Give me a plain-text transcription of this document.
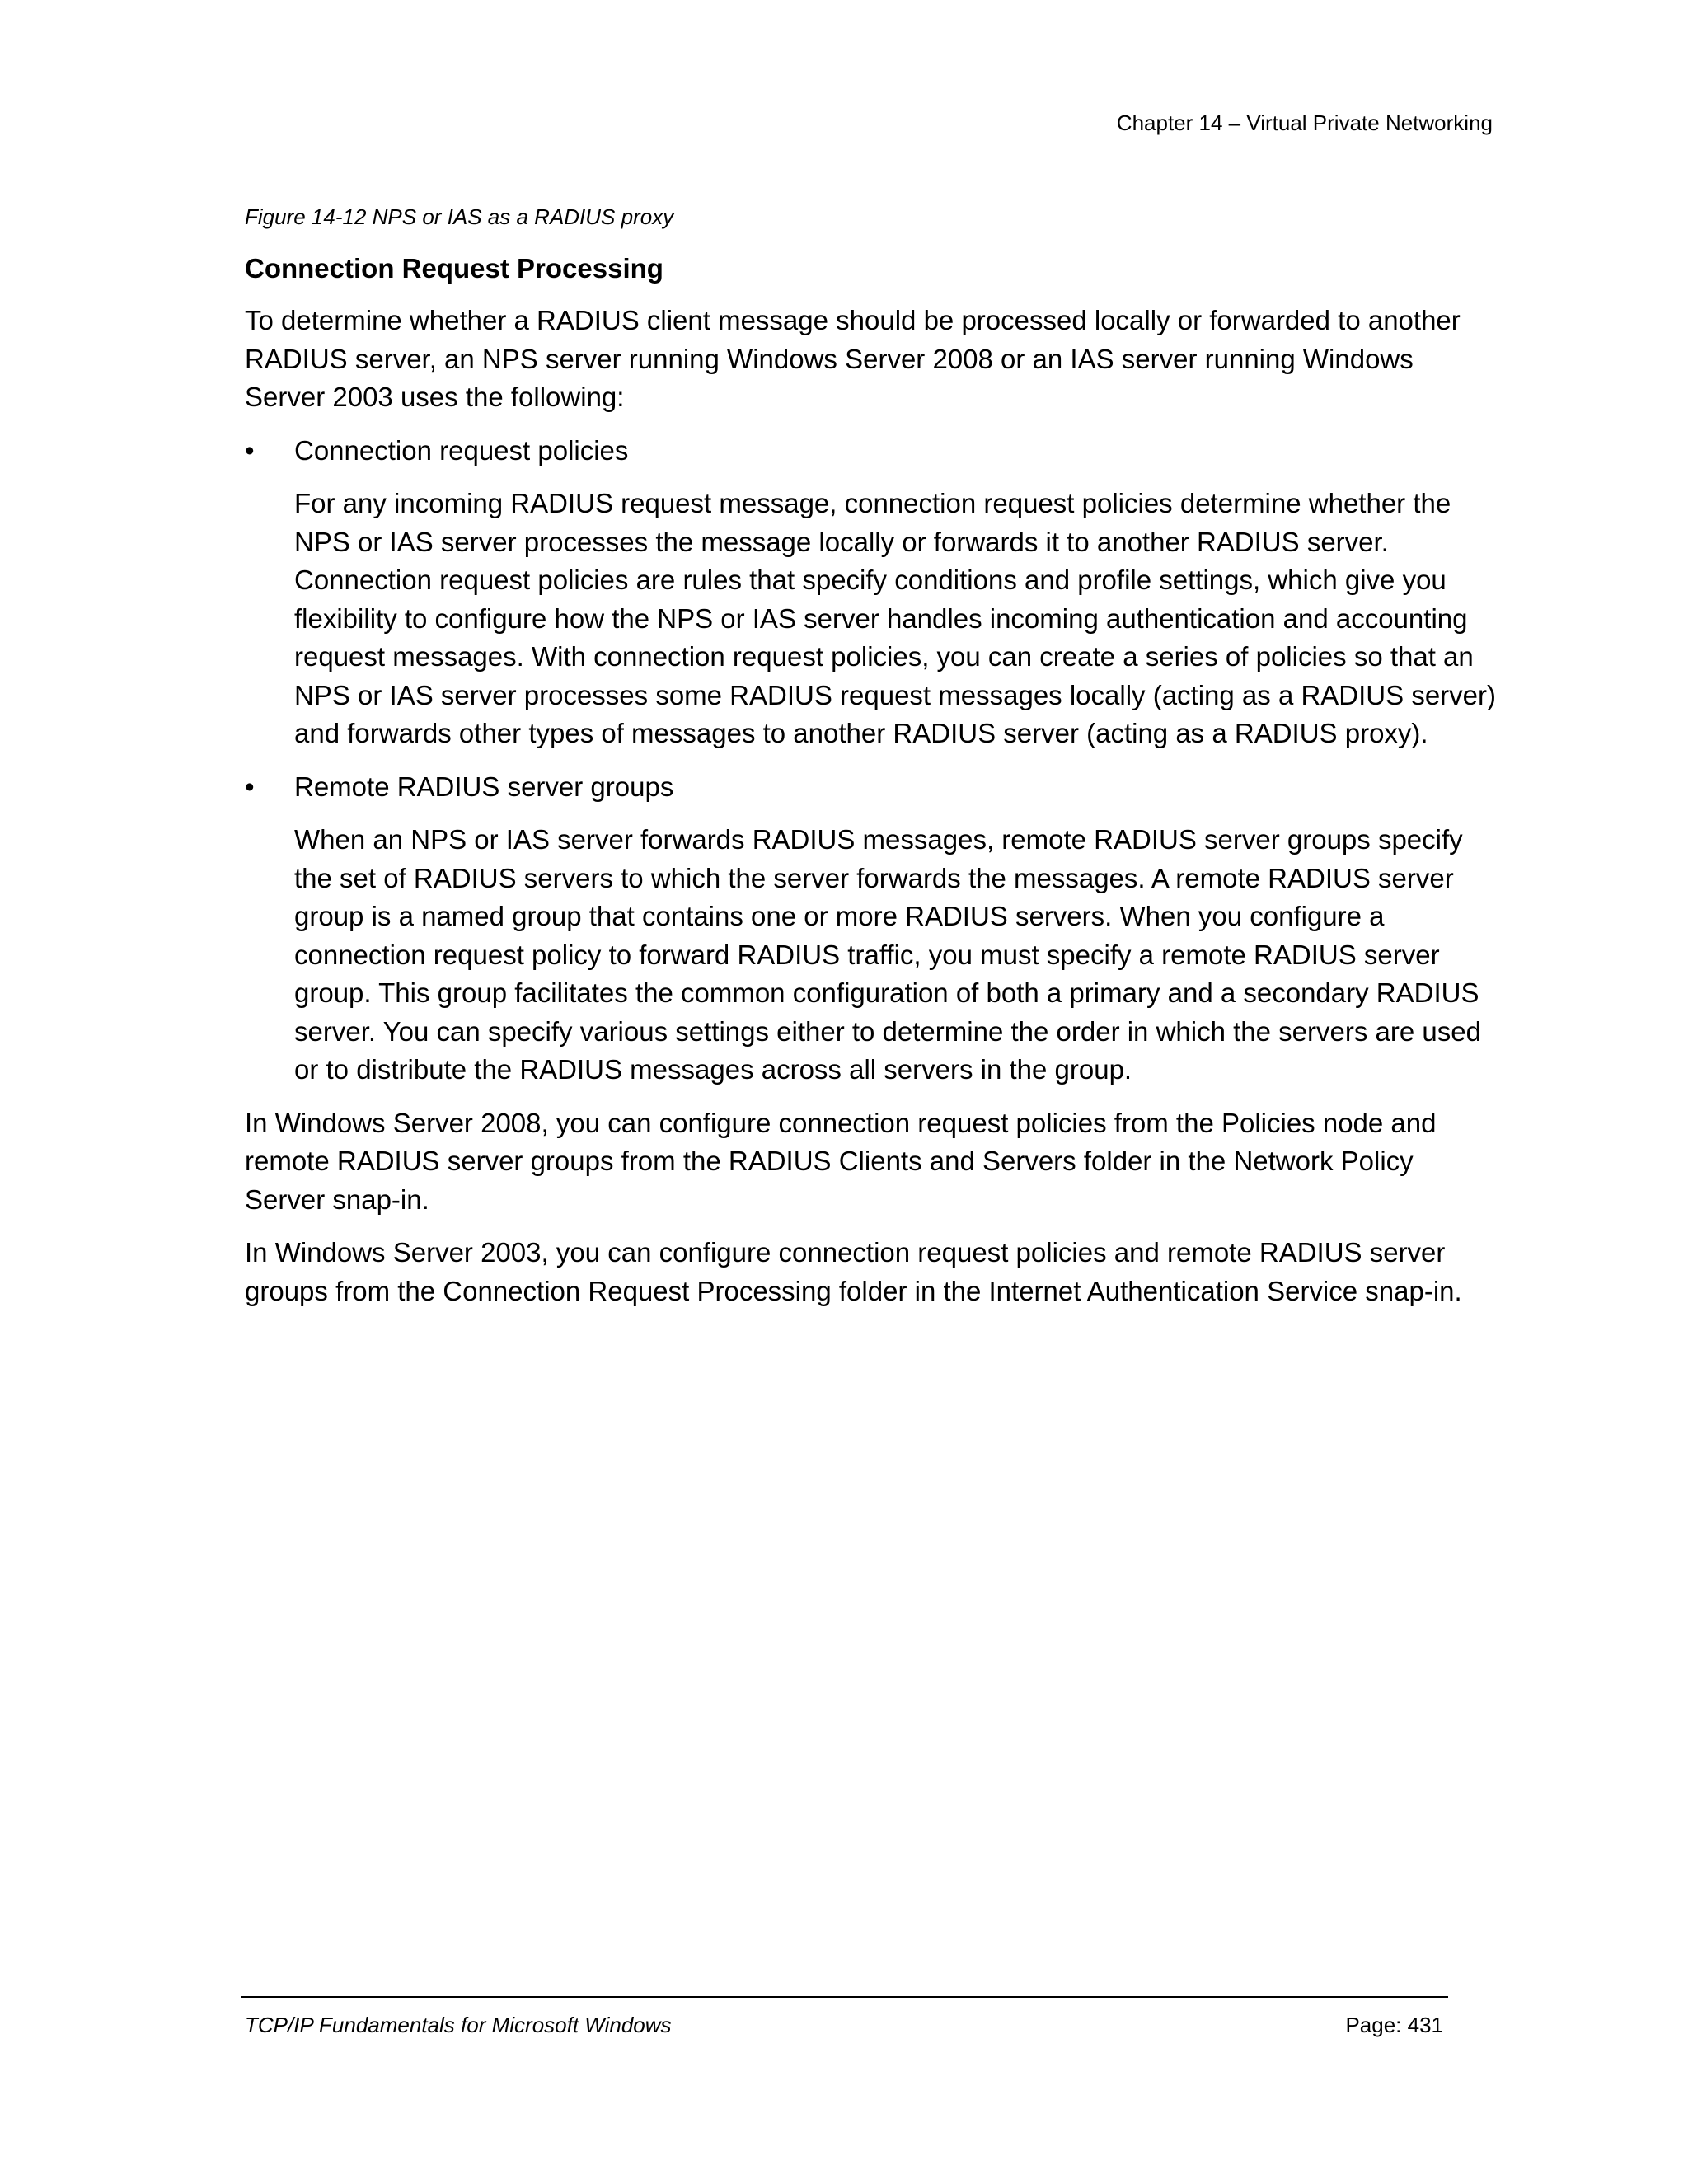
Chapter 14 – Virtual Private Networking
Figure 14-12 NPS or IAS as a RADIUS proxy
Connection Request Processing
To determine whether a RADIUS client message should be processed locally or forwarded to another RADIUS server, an NPS server running Windows Server 2008 or an IAS server running Windows Server 2003 uses the following:
•	Connection request policies
For any incoming RADIUS request message, connection request policies determine whether the NPS or IAS server processes the message locally or forwards it to another RADIUS server. Connection request policies are rules that specify conditions and profile settings, which give you flexibility to configure how the NPS or IAS server handles incoming authentication and accounting request messages. With connection request policies, you can create a series of policies so that an NPS or IAS server processes some RADIUS request messages locally (acting as a RADIUS server) and forwards other types of messages to another RADIUS server (acting as a RADIUS proxy).
•	Remote RADIUS server groups
When an NPS or IAS server forwards RADIUS messages, remote RADIUS server groups specify the set of RADIUS servers to which the server forwards the messages. A remote RADIUS server group is a named group that contains one or more RADIUS servers. When you configure a connection request policy to forward RADIUS traffic, you must specify a remote RADIUS server group. This group facilitates the common configuration of both a primary and a secondary RADIUS server. You can specify various settings either to determine the order in which the servers are used or to distribute the RADIUS messages across all servers in the group.
In Windows Server 2008, you can configure connection request policies from the Policies node and remote RADIUS server groups from the RADIUS Clients and Servers folder in the Network Policy Server snap-in.
In Windows Server 2003, you can configure connection request policies and remote RADIUS server groups from the Connection Request Processing folder in the Internet Authentication Service snap-in.
TCP/IP Fundamentals for Microsoft Windows	Page: 431
